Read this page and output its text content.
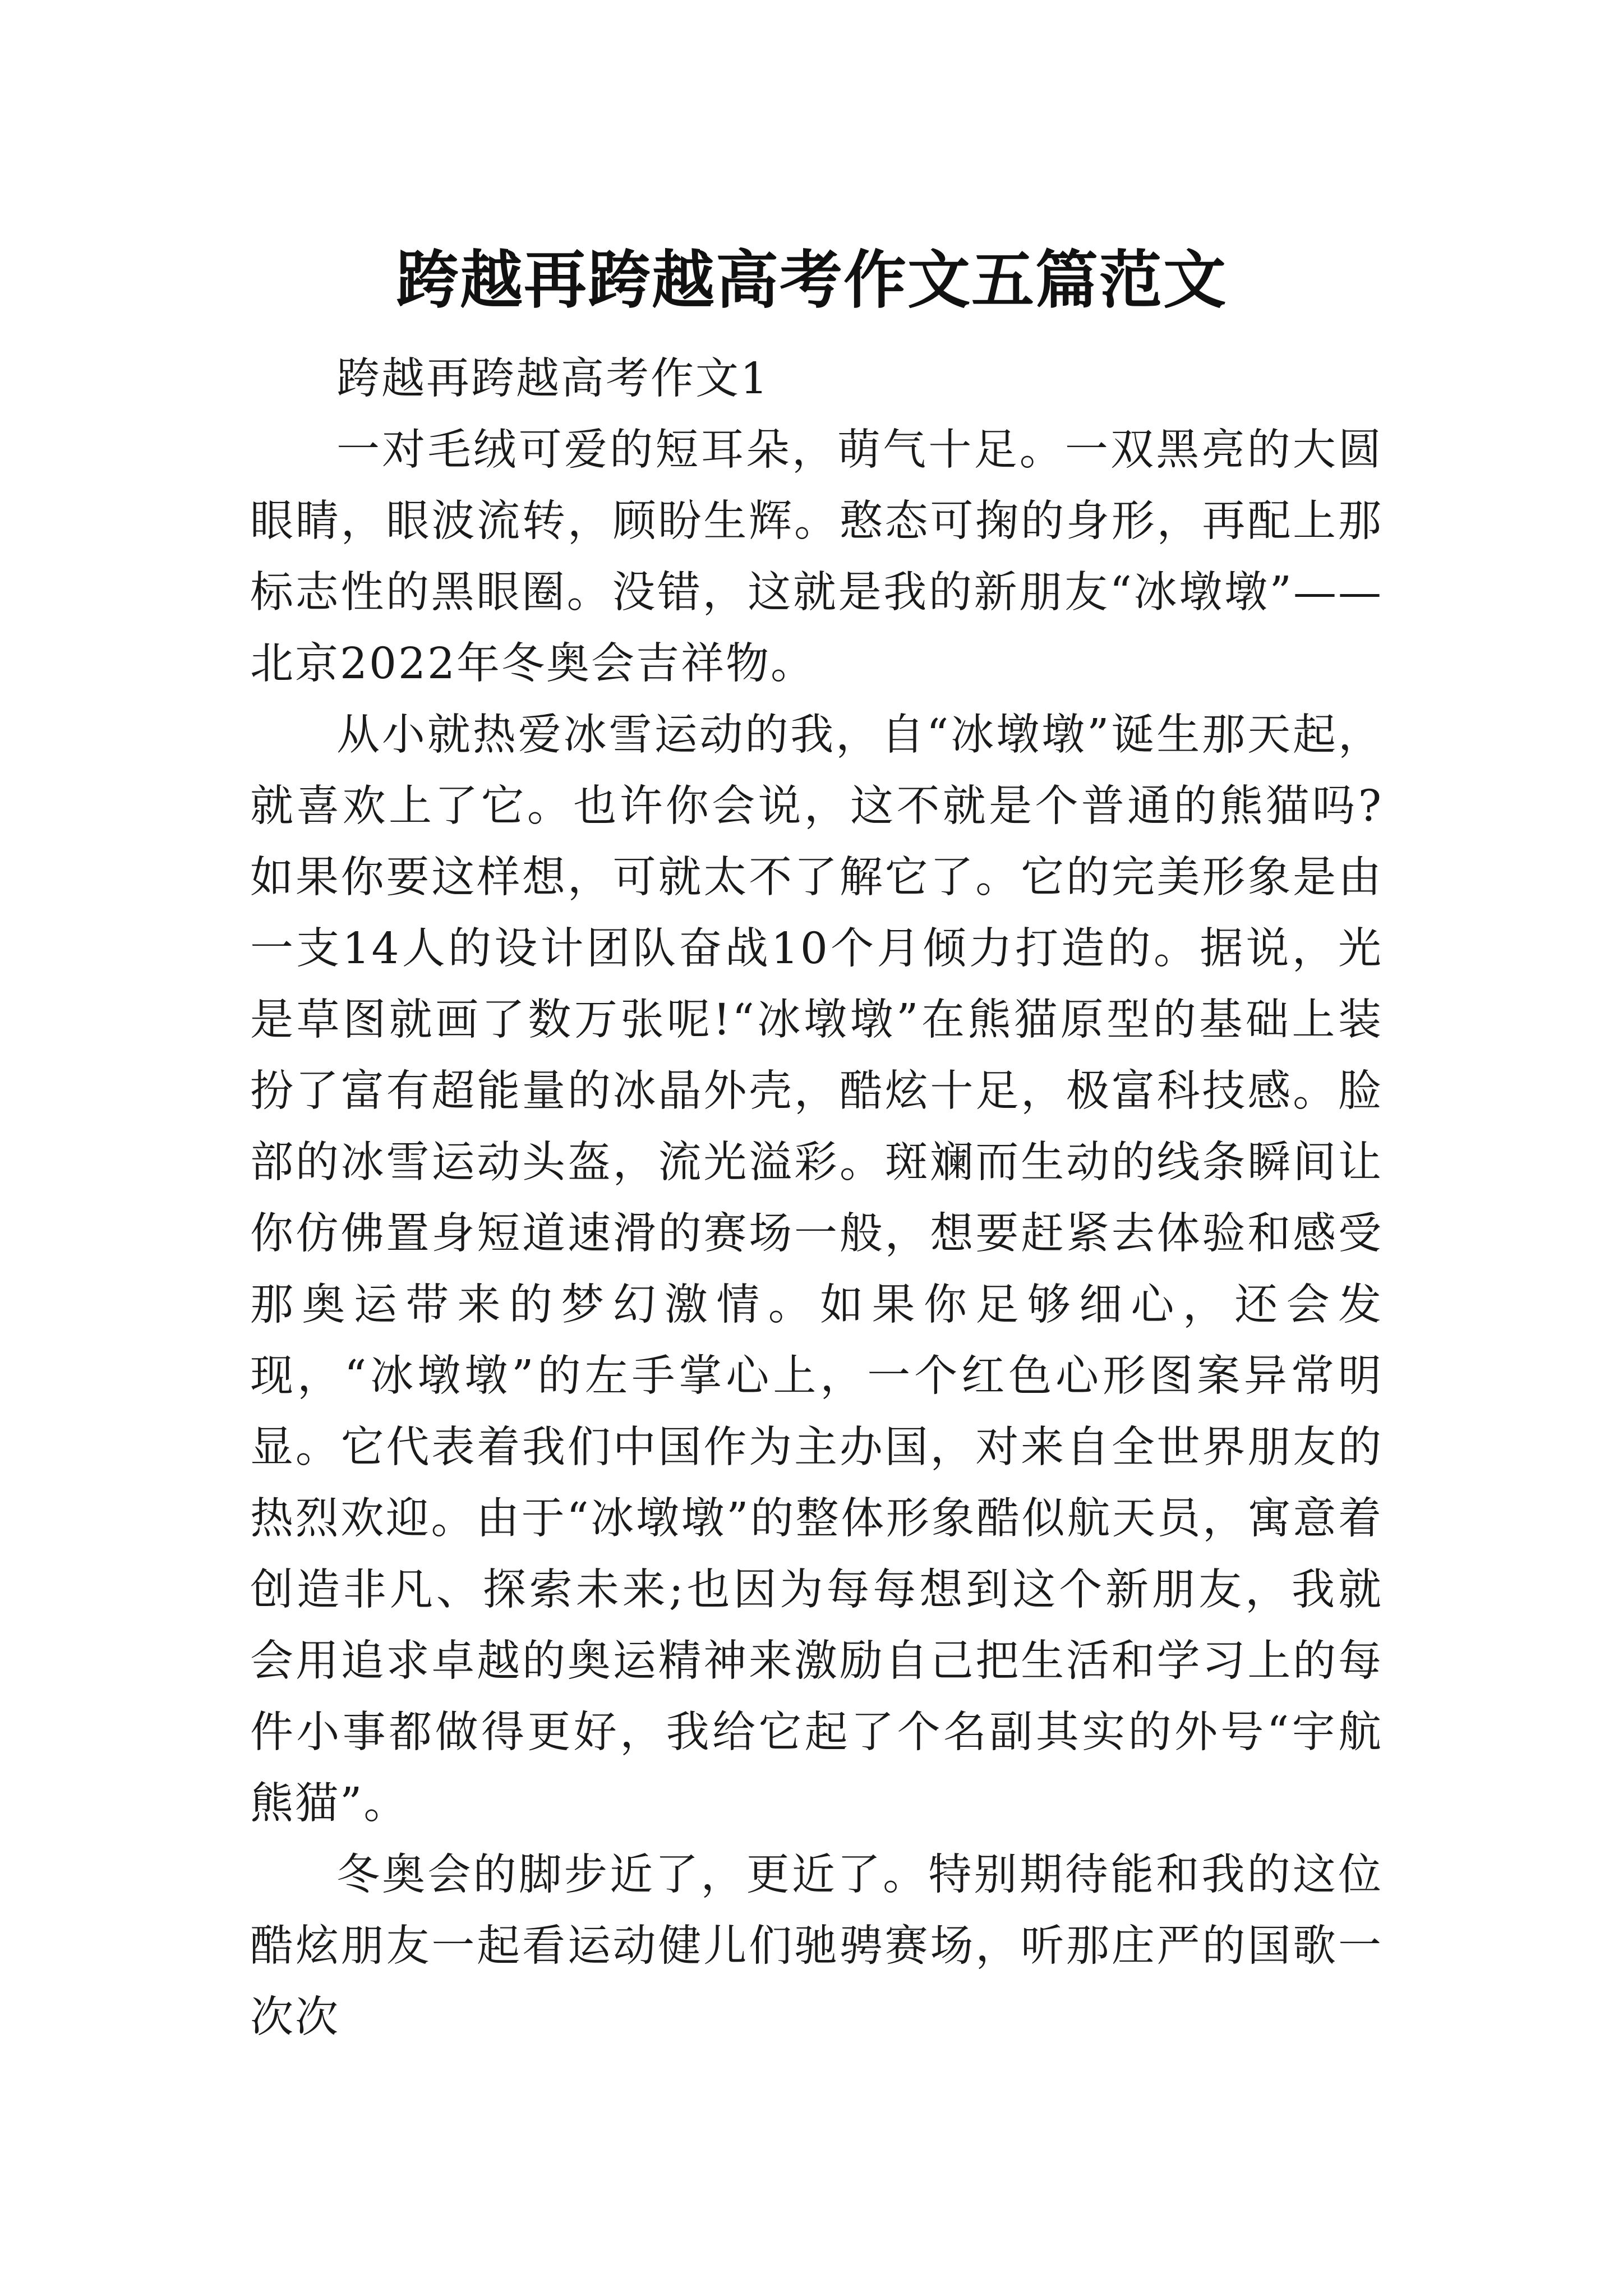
跨越再跨越高考作文五篇范文

跨越再跨越高考作文1

一对毛绒可爱的短耳朵，萌气十足。一双黑亮的大圆眼睛，眼波流转，顾盼生辉。憨态可掬的身形，再配上那标志性的黑眼圈。没错，这就是我的新朋友“冰墩墩”——北京2022年冬奥会吉祥物。

从小就热爱冰雪运动的我，自“冰墩墩”诞生那天起，就喜欢上了它。也许你会说，这不就是个普通的熊猫吗?如果你要这样想，可就太不了解它了。它的完美形象是由一支14人的设计团队奋战10个月倾力打造的。据说，光是草图就画了数万张呢!“冰墩墩”在熊猫原型的基础上装扮了富有超能量的冰晶外壳，酷炫十足，极富科技感。脸部的冰雪运动头盔，流光溢彩。斑斓而生动的线条瞬间让你仿佛置身短道速滑的赛场一般，想要赶紧去体验和感受那奥运带来的梦幻激情。如果你足够细心，还会发现，“冰墩墩”的左手掌心上，一个红色心形图案异常明显。它代表着我们中国作为主办国，对来自全世界朋友的热烈欢迎。由于“冰墩墩”的整体形象酷似航天员，寓意着创造非凡、探索未来;也因为每每想到这个新朋友，我就会用追求卓越的奥运精神来激励自己把生活和学习上的每件小事都做得更好，我给它起了个名副其实的外号“宇航熊猫”。

冬奥会的脚步近了，更近了。特别期待能和我的这位酷炫朋友一起看运动健儿们驰骋赛场，听那庄严的国歌一次次
